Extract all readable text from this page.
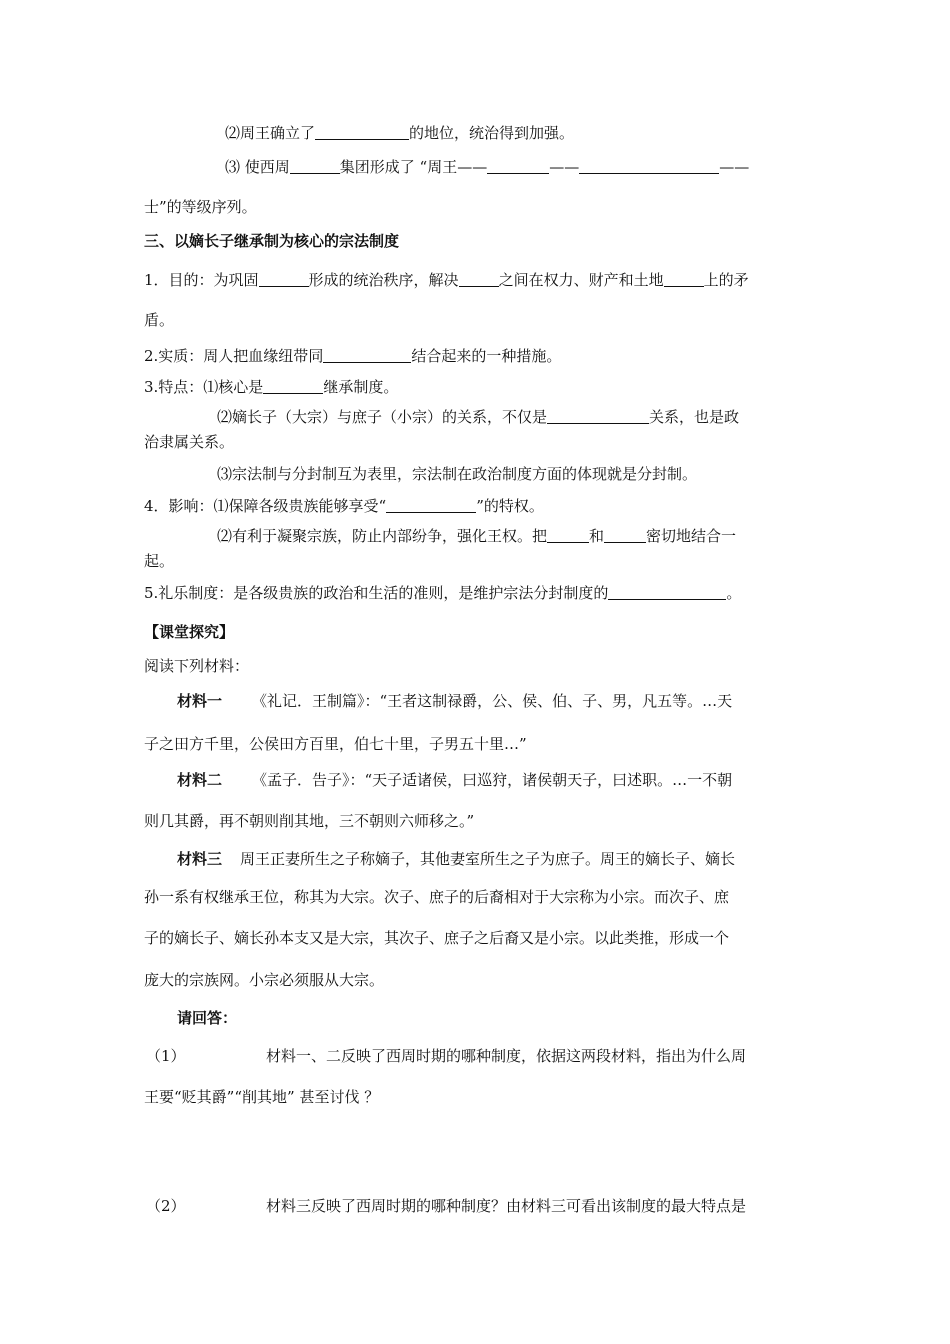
⑵周王确立了	的地位，统治得到加强。
⑶ 使西周	集团形成了 “周王——	——	——
士”的等级序列。
三、以嫡长子继承制为核心的宗法制度
1．目的：为巩固	形成的统治秩序，解决	之间在权力、财产和土地	上的矛
盾。
2.实质：周人把血缘纽带同	结合起来的一种措施。
3.特点：⑴核心是	继承制度。
⑵嫡长子（大宗）与庶子（小宗）的关系，不仅是	关系，也是政
治隶属关系。
⑶宗法制与分封制互为表里，宗法制在政治制度方面的体现就是分封制。
4．影响：⑴保障各级贵族能够享受“	”的特权。
⑵有利于凝聚宗族，防止内部纷争，强化王权。把	和	密切地结合一
起。
5.礼乐制度：是各级贵族的政治和生活的准则，是维护宗法分封制度的	。
【课堂探究】
阅读下列材料：
材料一 《礼记．王制篇》：“王者这制禄爵，公、侯、伯、子、男，凡五等。…天
子之田方千里，公侯田方百里，伯七十里，子男五十里…”
材料二 《孟子．告子》：“天子适诸侯，曰巡狩，诸侯朝天子，曰述职。…一不朝
则几其爵，再不朝则削其地，三不朝则六师移之。”
材料三 周王正妻所生之子称嫡子，其他妻室所生之子为庶子。周王的嫡长子、嫡长
孙一系有权继承王位，称其为大宗。次子、庶子的后裔相对于大宗称为小宗。而次子、庶
子的嫡长子、嫡长孙本支又是大宗，其次子、庶子之后裔又是小宗。以此类推，形成一个
庞大的宗族网。小宗必须服从大宗。
请回答：
（1）	材料一、二反映了西周时期的哪种制度，依据这两段材料，指出为什么周
王要“贬其爵”“削其地” 甚至讨伐 ？
（2）	材料三反映了西周时期的哪种制度？由材料三可看出该制度的最大特点是
